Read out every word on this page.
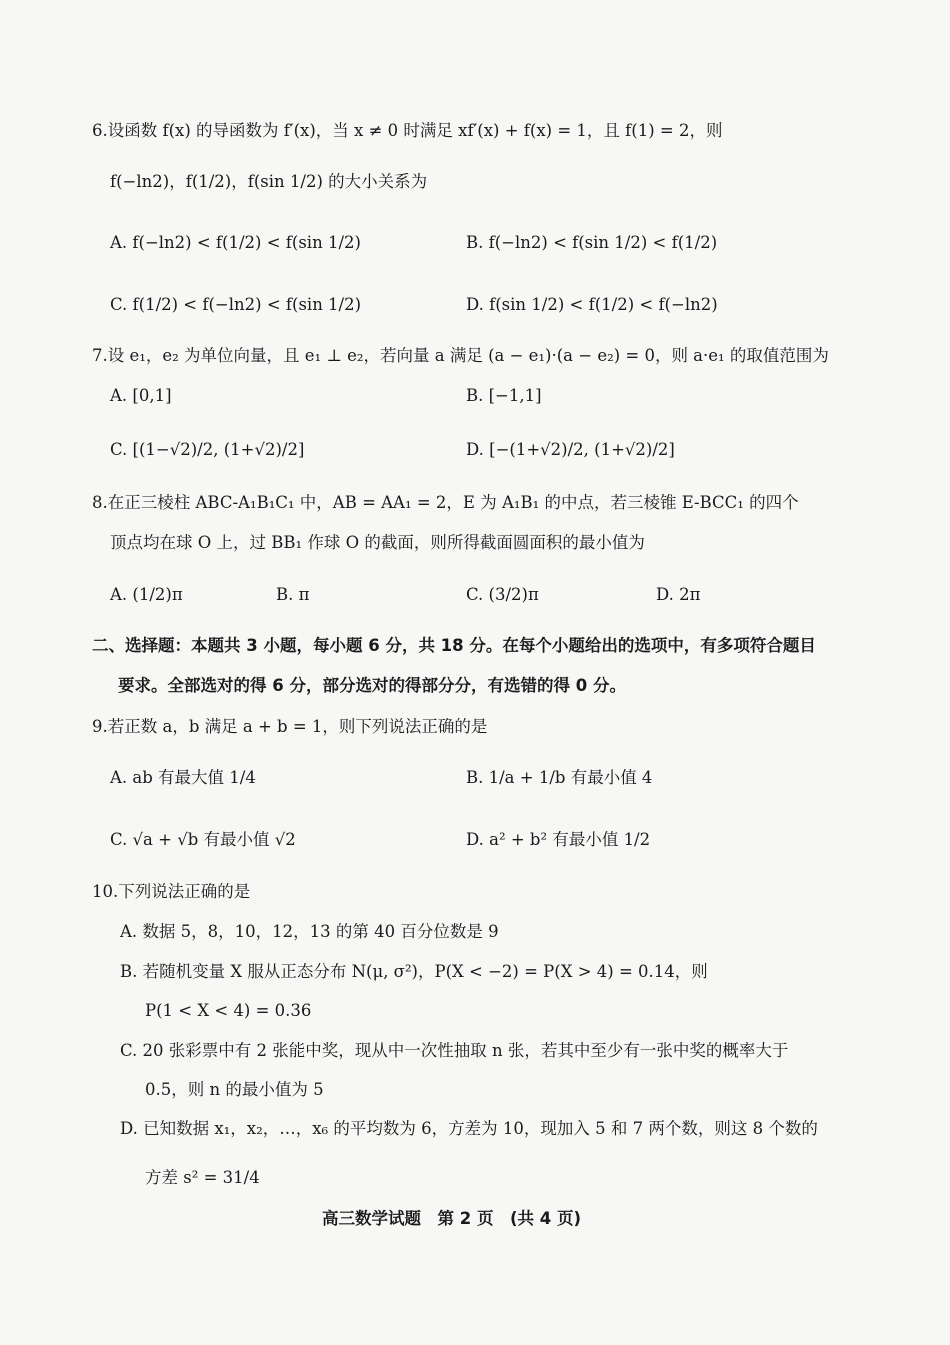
6.设函数 f(x) 的导函数为 f′(x)，当 x ≠ 0 时满足 xf′(x) + f(x) = 1，且 f(1) = 2，则
f(−ln2)，f(1/2)，f(sin 1/2) 的大小关系为
A. f(−ln2) < f(1/2) < f(sin 1/2)	B. f(−ln2) < f(sin 1/2) < f(1/2)
C. f(1/2) < f(−ln2) < f(sin 1/2)	D. f(sin 1/2) < f(1/2) < f(−ln2)
7.设 e₁，e₂ 为单位向量，且 e₁ ⊥ e₂，若向量 a 满足 (a − e₁)·(a − e₂) = 0，则 a·e₁ 的取值范围为
A. [0,1]	B. [−1,1]
C. [(1−√2)/2, (1+√2)/2]	D. [−(1+√2)/2, (1+√2)/2]
8.在正三棱柱 ABC-A₁B₁C₁ 中，AB = AA₁ = 2，E 为 A₁B₁ 的中点，若三棱锥 E-BCC₁ 的四个
顶点均在球 O 上，过 BB₁ 作球 O 的截面，则所得截面圆面积的最小值为
A. (1/2)π	B. π	C. (3/2)π	D. 2π
二、选择题：本题共 3 小题，每小题 6 分，共 18 分。在每个小题给出的选项中，有多项符合题目
要求。全部选对的得 6 分，部分选对的得部分分，有选错的得 0 分。
9.若正数 a，b 满足 a + b = 1，则下列说法正确的是
A. ab 有最大值 1/4	B. 1/a + 1/b 有最小值 4
C. √a + √b 有最小值 √2	D. a² + b² 有最小值 1/2
10.下列说法正确的是
A. 数据 5，8，10，12，13 的第 40 百分位数是 9
B. 若随机变量 X 服从正态分布 N(μ, σ²)，P(X < −2) = P(X > 4) = 0.14，则
P(1 < X < 4) = 0.36
C. 20 张彩票中有 2 张能中奖，现从中一次性抽取 n 张，若其中至少有一张中奖的概率大于
0.5，则 n 的最小值为 5
D. 已知数据 x₁，x₂，…，x₆ 的平均数为 6，方差为 10，现加入 5 和 7 两个数，则这 8 个数的
方差 s² = 31/4
高三数学试题　第 2 页　(共 4 页)
